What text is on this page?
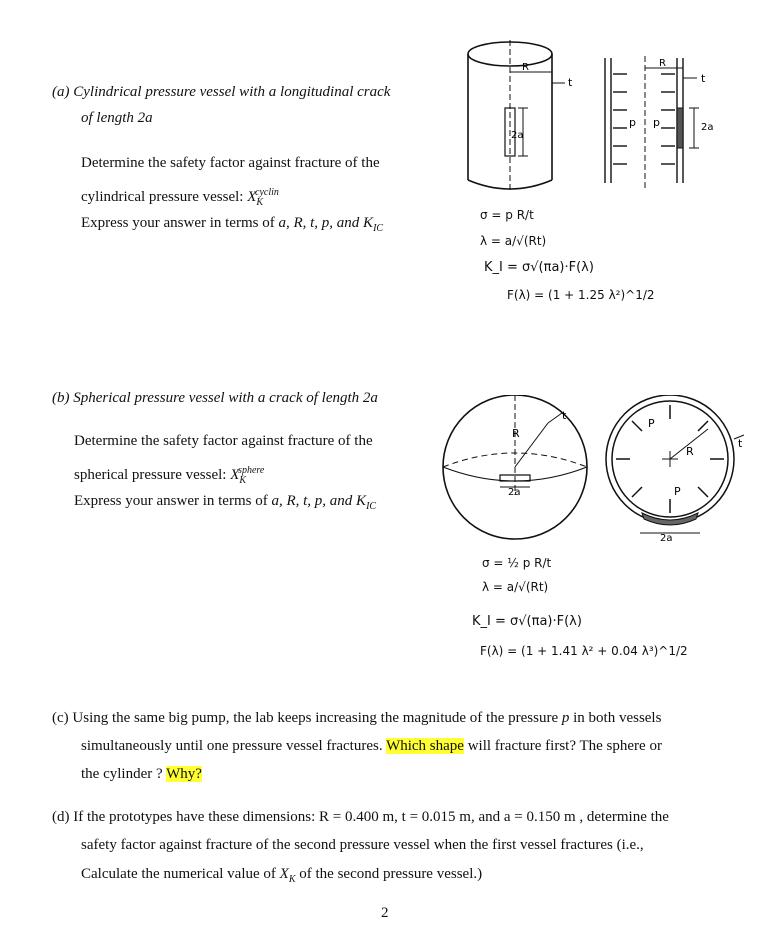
(a) Cylindrical pressure vessel with a longitudinal crack
of length 2a
Determine the safety factor against fracture of the
cylindrical pressure vessel: $X_K^{cyclin}$
Express your answer in terms of a, R, t, p, and $K_{IC}$
R
t
2a
R
t
p p	2a
σ = p R/t
λ = a/√(Rt)
K_I = σ√(πa)·F(λ)
F(λ) = (1 + 1.25 λ²)^1/2
(b) Spherical pressure vessel with a crack of length 2a
Determine the safety factor against fracture of the
spherical pressure vessel: $X_K^{sphere}$
Express your answer in terms of a, R, t, p, and $K_{IC}$
R
t
2a
P
P
R
t
2a
σ = ½ p R/t
λ = a/√(Rt)
K_I = σ√(πa)·F(λ)
F(λ) = (1 + 1.41 λ² + 0.04 λ³)^1/2
(c) Using the same big pump, the lab keeps increasing the magnitude of the pressure p in both vessels
simultaneously until one pressure vessel fractures. Which shape will fracture first? The sphere or
the cylinder ? Why?
(d) If the prototypes have these dimensions: R = 0.400 m, t = 0.015 m, and a = 0.150 m , determine the
safety factor against fracture of the second pressure vessel when the first vessel fractures (i.e.,
Calculate the numerical value of $X_K$ of the second pressure vessel.)
2
